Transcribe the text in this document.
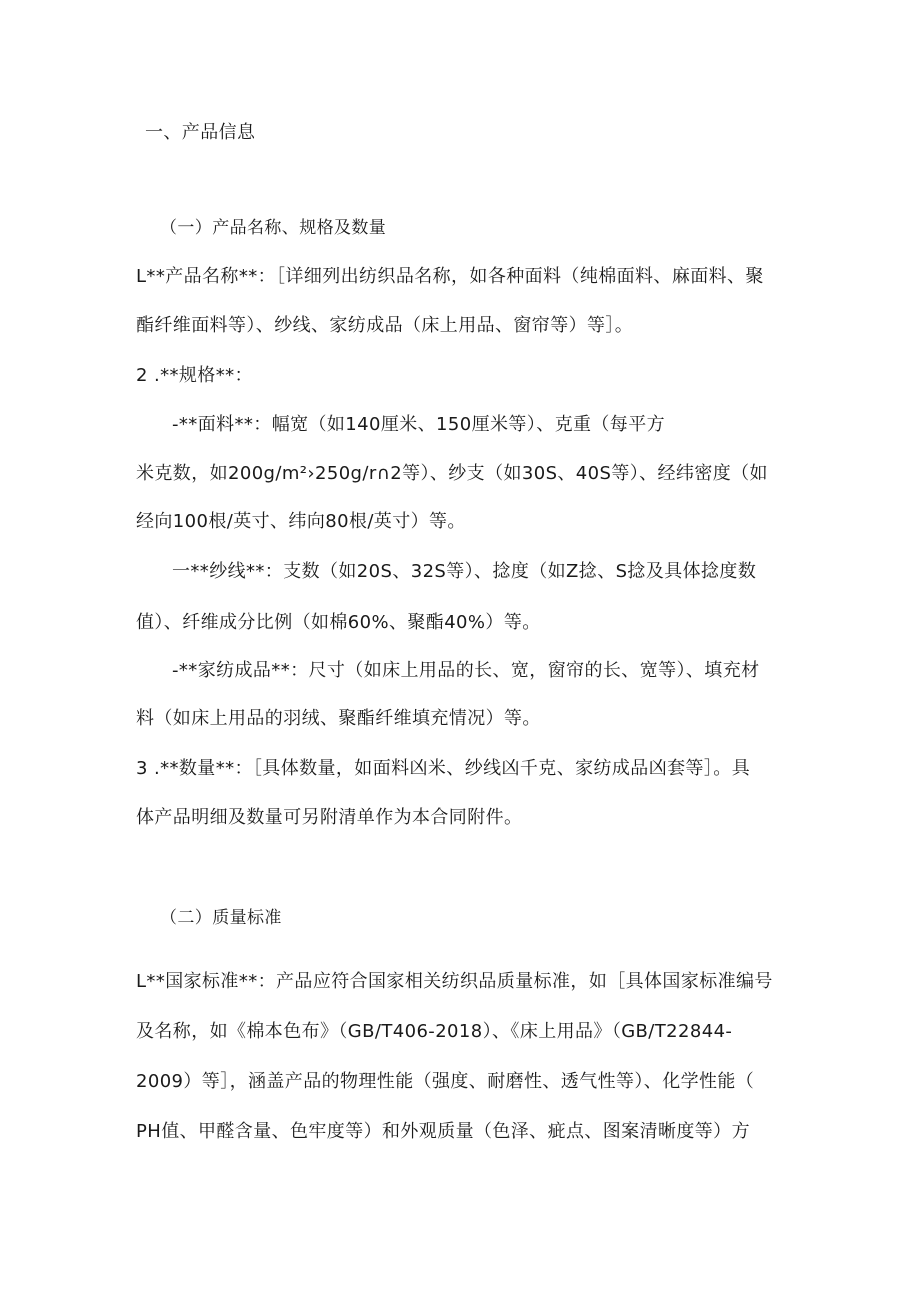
一、产品信息

（一）产品名称、规格及数量

L**产品名称**：［详细列出纺织品名称，如各种面料（纯棉面料、麻面料、聚

酯纤维面料等）、纱线、家纺成品（床上用品、窗帘等）等］。

2 .**规格**：

-**面料**：幅宽（如140厘米、150厘米等）、克重（每平方

米克数，如200g∕m²›250g∕r∩2等）、纱支（如30S、40S等）、经纬密度（如

经向100根/英寸、纬向80根/英寸）等。

一**纱线**：支数（如20S、32S等）、捻度（如Z捻、S捻及具体捻度数

值）、纤维成分比例（如棉60%、聚酯40%）等。

-**家纺成品**：尺寸（如床上用品的长、宽，窗帘的长、宽等）、填充材

料（如床上用品的羽绒、聚酯纤维填充情况）等。

3 .**数量**：［具体数量，如面料凶米、纱线凶千克、家纺成品凶套等］。具

体产品明细及数量可另附清单作为本合同附件。

（二）质量标准

L**国家标准**：产品应符合国家相关纺织品质量标准，如［具体国家标准编号

及名称，如《棉本色布》（GB/T406-2018）、《床上用品》（GB/T22844-

2009）等］，涵盖产品的物理性能（强度、耐磨性、透气性等）、化学性能（

PH值、甲醛含量、色牢度等）和外观质量（色泽、疵点、图案清晰度等）方
